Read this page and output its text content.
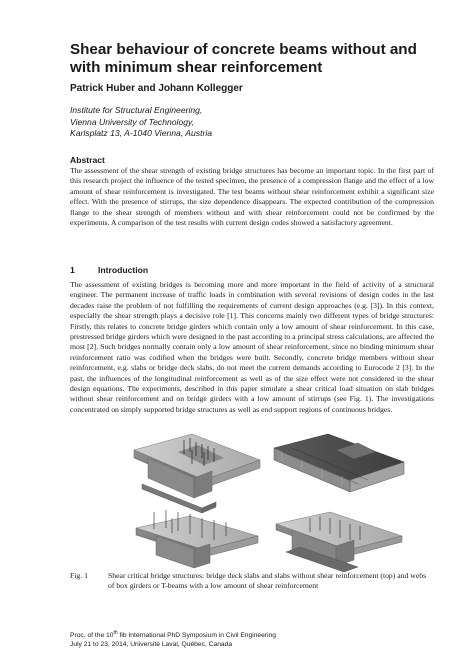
Shear behaviour of concrete beams without and with minimum shear reinforcement

Patrick Huber and Johann Kollegger

Institute for Structural Engineering,
Vienna University of Technology,
Karlsplatz 13, A-1040 Vienna, Austria
Abstract

The assessment of the shear strength of existing bridge structures has become an important topic. In the first part of this research project the influence of the tested specimen, the presence of a compression flange and the effect of a low amount of shear reinforcement is investigated. The test beams without shear reinforcement exhibit a significant size effect. With the presence of stirrups, the size dependence disappears. The expected contribution of the compression flange to the shear strength of members without and with shear reinforcement could not be confirmed by the experiments. A comparison of the test results with current design codes showed a satisfactory agreement.

1	Introduction

The assessment of existing bridges is becoming more and more important in the field of activity of a structural engineer. The permanent increase of traffic loads in combination with several revisions of design codes in the last decades raise the problem of not fulfilling the requirements of current design approaches (e.g. [3]). In this context, especially the shear strength plays a decisive role [1]. This concerns mainly two different types of bridge structures: Firstly, this relates to concrete bridge girders which contain only a low amount of shear reinforcement. In this case, prestressed bridge girders which were designed in the past according to a principal stress calculations, are affected the most [2]. Such bridges normally contain only a low amount of shear reinforcement, since no binding minimum shear reinforcement ratio was codified when the bridges were built. Secondly, concrete bridge members without shear reinforcement, e.g. slabs or bridge deck slabs, do not meet the current demands according to Eurocode 2 [3]. In the past, the influences of the longitudinal reinforcement as well as of the size effect were not considered in the shear design equations. The experiments, described in this paper simulate a shear critical load situation on slab bridges without shear reinforcement and on bridge girders with a low amount of stirrups (see Fig. 1). The investigations concentrated on simply supported bridge structures as well as end support regions of continuous bridges.

Fig. 1	Shear critical bridge structures: bridge deck slabs and slabs without shear reinforcement (top) and webs of box girders or T-beams with a low amount of shear reinforcement
Proc. of the 10th fib International PhD Symposium in Civil Engineering
July 21 to 23, 2014, Université Laval, Québec, Canada
